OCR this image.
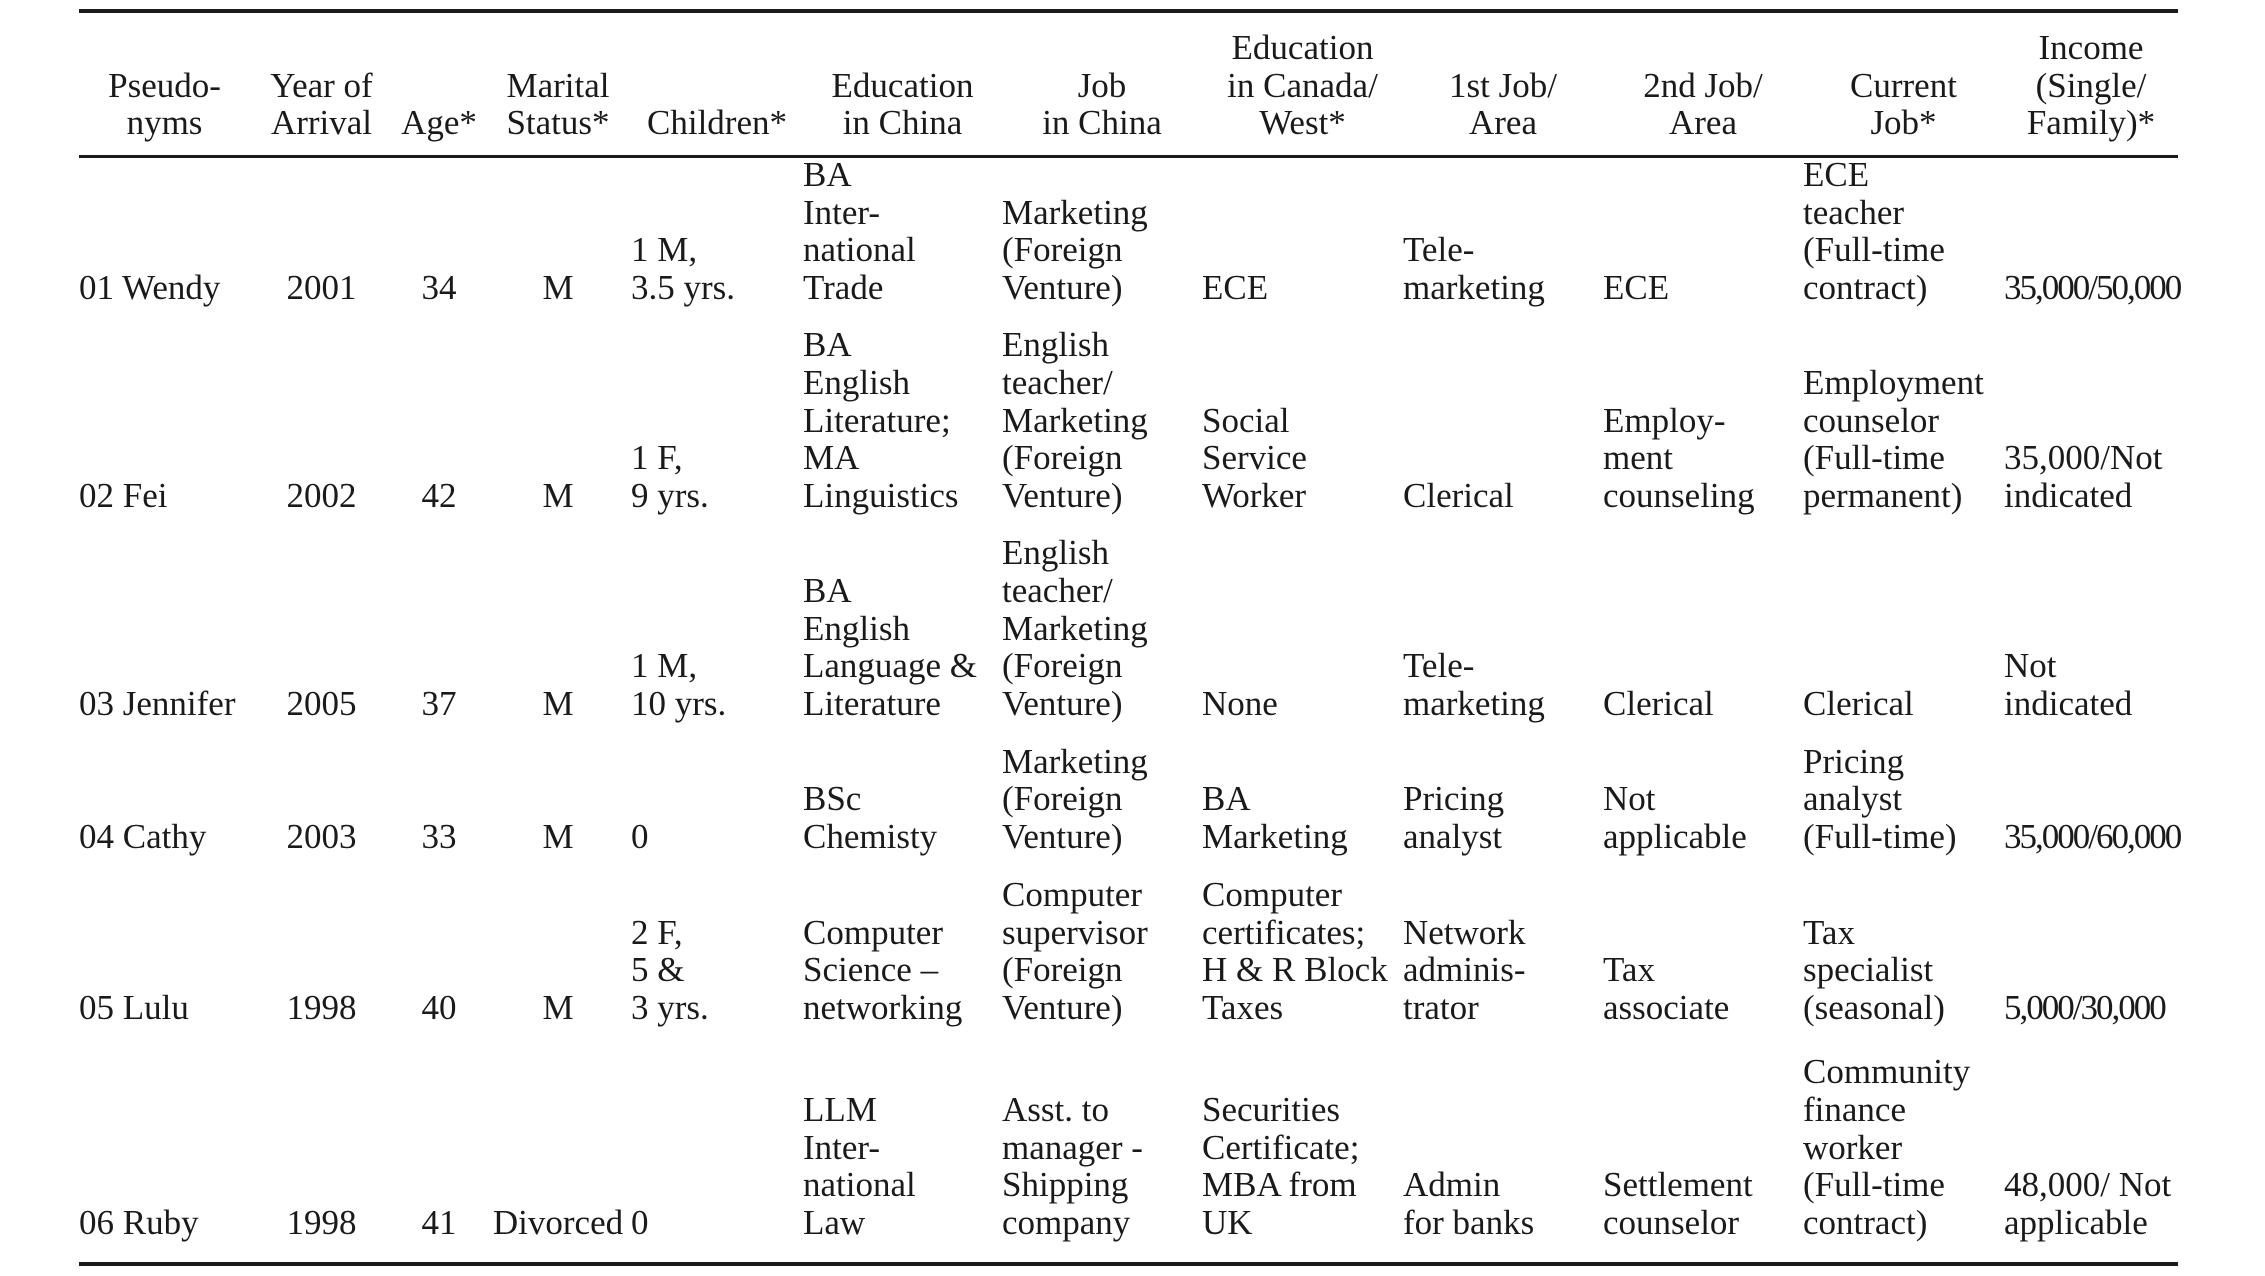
Pseudo-
nyms	Year of
Arrival	Age*	Marital
Status*	Children*	Education
in China	Job
in China	Education
in Canada/
West*	1st Job/
Area	2nd Job/
Area	Current
Job*	Income
(Single/
Family)*
01 Wendy	2001	34	M	1 M,
3.5 yrs.	BA
Inter-
national
Trade	Marketing
(Foreign
Venture)	ECE	Tele-
marketing	ECE	ECE
teacher
(Full-time
contract)	35,000/50,000
02 Fei	2002	42	M	1 F,
9 yrs.	BA
English
Literature;
MA
Linguistics	English
teacher/
Marketing
(Foreign
Venture)	Social
Service
Worker	Clerical	Employ-
ment
counseling	Employment
counselor
(Full-time
permanent)	35,000/Not
indicated
03 Jennifer	2005	37	M	1 M,
10 yrs.	BA
English
Language &
Literature	English
teacher/
Marketing
(Foreign
Venture)	None	Tele-
marketing	Clerical	Clerical	Not
indicated
04 Cathy	2003	33	M	0	BSc
Chemisty	Marketing
(Foreign
Venture)	BA
Marketing	Pricing
analyst	Not
applicable	Pricing
analyst
(Full-time)	35,000/60,000
05 Lulu	1998	40	M	2 F,
5 &
3 yrs.	Computer
Science –
networking	Computer
supervisor
(Foreign
Venture)	Computer
certificates;
H & R Block
Taxes	Network
adminis-
trator	Tax
associate	Tax
specialist
(seasonal)	5,000/30,000
06 Ruby	1998	41	Divorced	0	LLM
Inter-
national
Law	Asst. to
manager -
Shipping
company	Securities
Certificate;
MBA from
UK	Admin
for banks	Settlement
counselor	Community
finance
worker
(Full-time
contract)	48,000/ Not
applicable
